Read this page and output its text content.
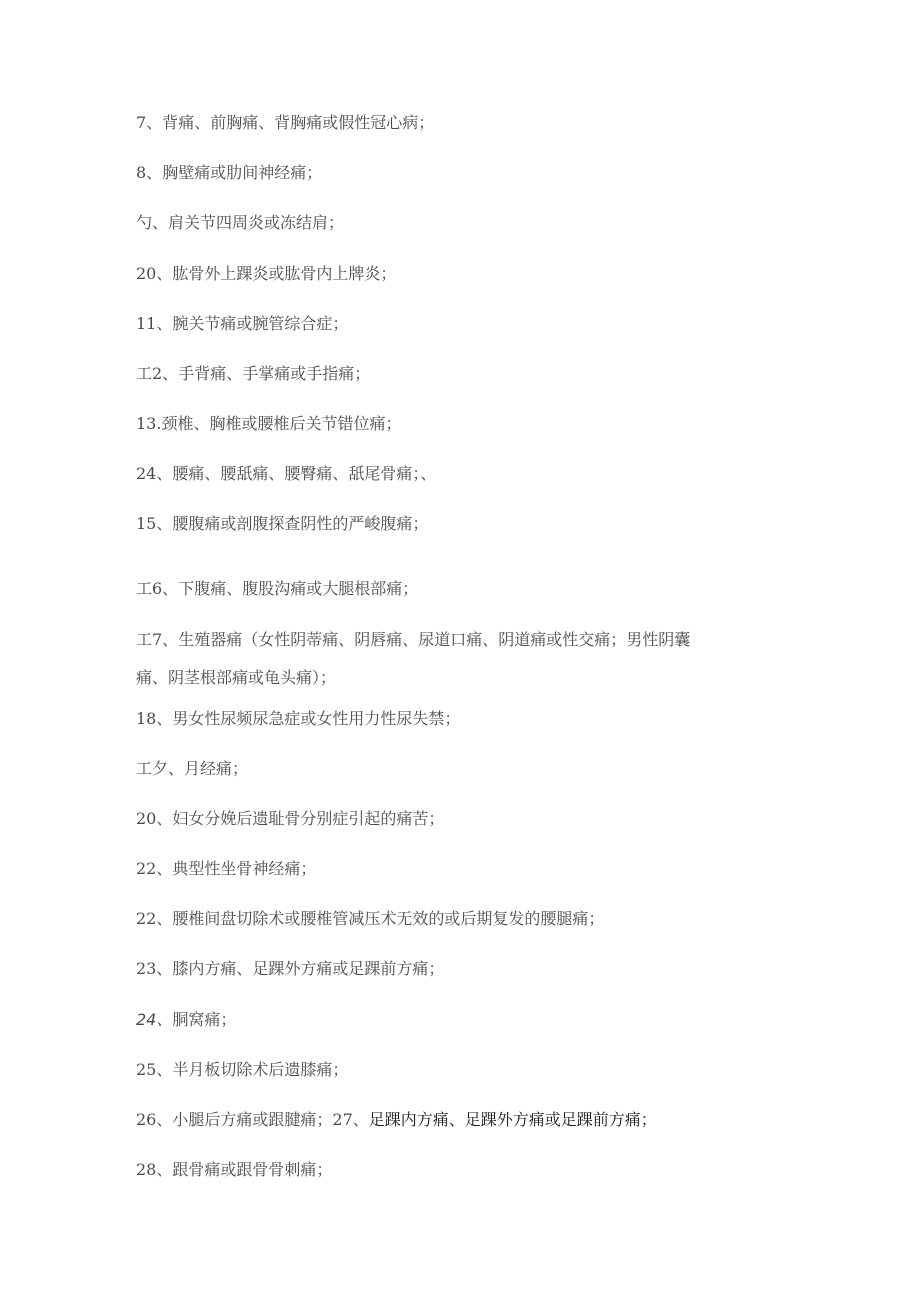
7、背痛、前胸痛、背胸痛或假性冠心病；
8、胸壁痛或肋间神经痛；
勺、肩关节四周炎或冻结肩；
20、肱骨外上踝炎或肱骨内上牌炎；
11、腕关节痛或腕管综合症；
工2、手背痛、手掌痛或手指痛；
13.颈椎、胸椎或腰椎后关节错位痛；
24、腰痛、腰舐痛、腰臀痛、舐尾骨痛；、
15、腰腹痛或剖腹探查阴性的严峻腹痛；
工6、下腹痛、腹股沟痛或大腿根部痛；
工7、生殖器痛（女性阴蒂痛、阴唇痛、尿道口痛、阴道痛或性交痛；男性阴囊
痛、阴茎根部痛或龟头痛）；
18、男女性尿频尿急症或女性用力性尿失禁；
工夕、月经痛；
20、妇女分娩后遗耻骨分别症引起的痛苦；
22、典型性坐骨神经痛；
22、腰椎间盘切除术或腰椎管减压术无效的或后期复发的腰腿痛；
23、膝内方痛、足踝外方痛或足踝前方痛；
24、胴窝痛；
25、半月板切除术后遗膝痛；
26、小腿后方痛或跟腱痛；27、足踝内方痛、足踝外方痛或足踝前方痛；
28、跟骨痛或跟骨骨刺痛；
